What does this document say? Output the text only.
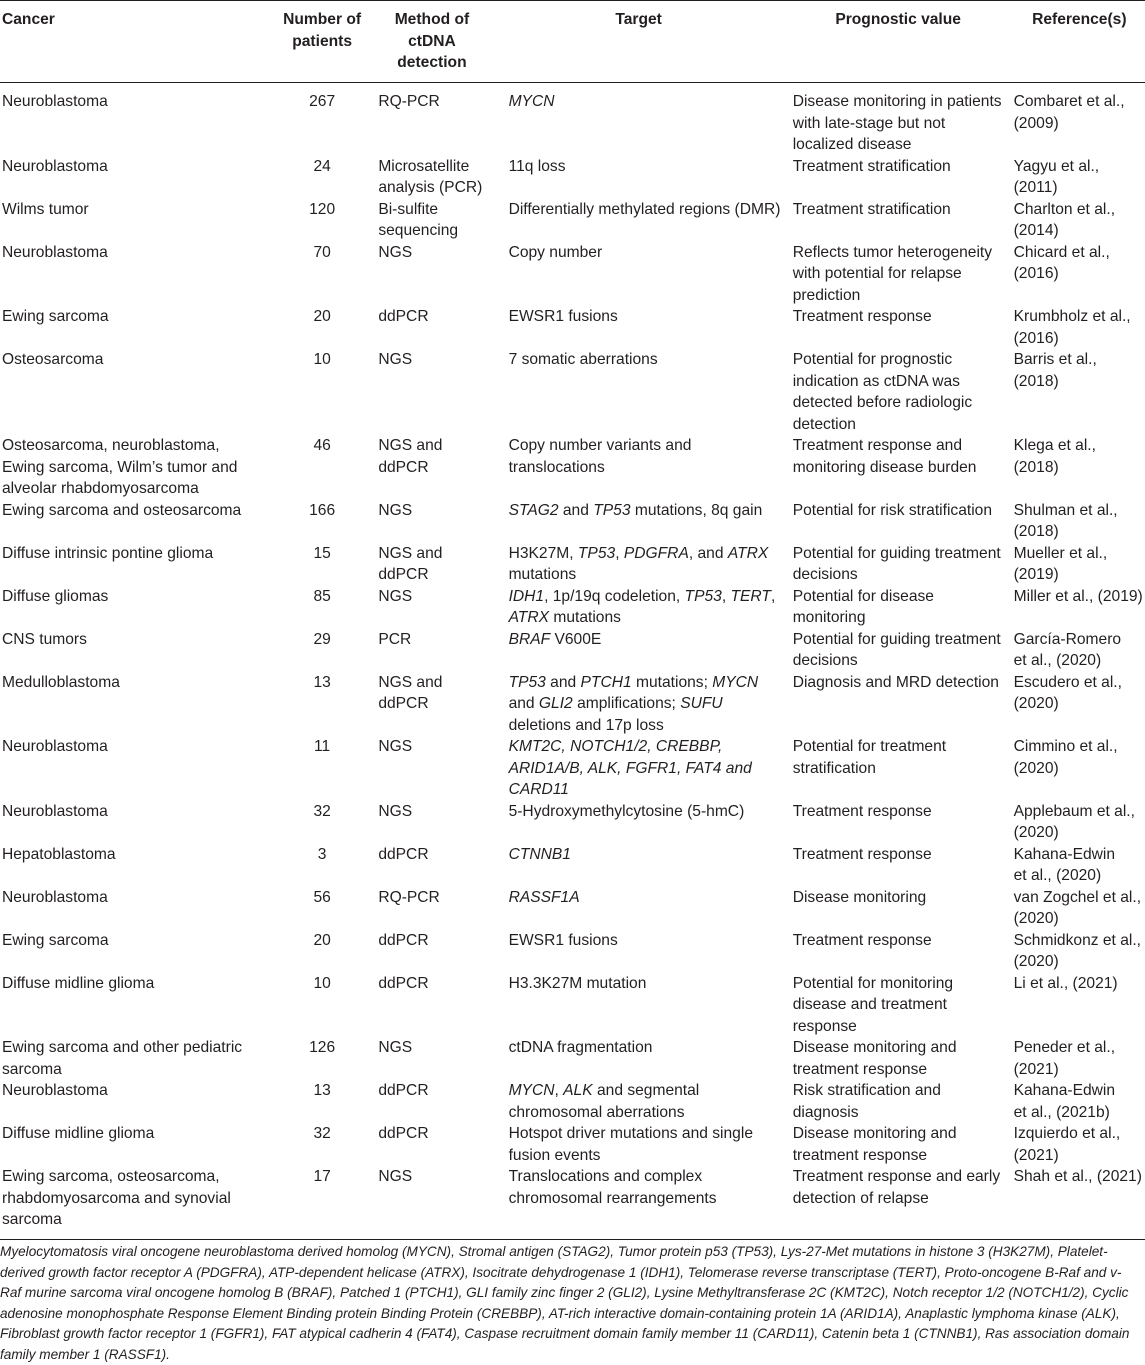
Cancer	Number of
patients	Method of
ctDNA
detection	Target	Prognostic value	Reference(s)
Neuroblastoma	267	RQ-PCR	MYCN	Disease monitoring in patients
with late-stage but not
localized disease	Combaret et al.,
(2009)
Neuroblastoma	24	Microsatellite
analysis (PCR)	11q loss	Treatment stratification	Yagyu et al., (2011)
Wilms tumor	120	Bi-sulfite
sequencing	Differentially methylated regions (DMR)	Treatment stratification	Charlton et al.,
(2014)
Neuroblastoma	70	NGS	Copy number	Reflects tumor heterogeneity
with potential for relapse
prediction	Chicard et al.,
(2016)
Ewing sarcoma	20	ddPCR	EWSR1 fusions	Treatment response	Krumbholz et al.,
(2016)
Osteosarcoma	10	NGS	7 somatic aberrations	Potential for prognostic
indication as ctDNA was
detected before radiologic
detection	Barris et al., (2018)
Osteosarcoma, neuroblastoma,
Ewing sarcoma, Wilm’s tumor and
alveolar rhabdomyosarcoma	46	NGS and ddPCR	Copy number variants and
translocations	Treatment response and
monitoring disease burden	Klega et al., (2018)
Ewing sarcoma and osteosarcoma	166	NGS	STAG2 and TP53 mutations, 8q gain	Potential for risk stratification	Shulman et al.,
(2018)
Diffuse intrinsic pontine glioma	15	NGS and ddPCR	H3K27M, TP53, PDGFRA, and ATRX
mutations	Potential for guiding treatment
decisions	Mueller et al.,
(2019)
Diffuse gliomas	85	NGS	IDH1, 1p/19q codeletion, TP53, TERT,
ATRX mutations	Potential for disease
monitoring	Miller et al., (2019)
CNS tumors	29	PCR	BRAF V600E	Potential for guiding treatment
decisions	García-Romero
et al., (2020)
Medulloblastoma	13	NGS and ddPCR	TP53 and PTCH1 mutations; MYCN
and GLI2 amplifications; SUFU
deletions and 17p loss	Diagnosis and MRD detection	Escudero et al.,
(2020)
Neuroblastoma	11	NGS	KMT2C, NOTCH1/2, CREBBP,
ARID1A/B, ALK, FGFR1, FAT4 and
CARD11	Potential for treatment
stratification	Cimmino et al.,
(2020)
Neuroblastoma	32	NGS	5-Hydroxymethylcytosine (5-hmC)	Treatment response	Applebaum et al.,
(2020)
Hepatoblastoma	3	ddPCR	CTNNB1	Treatment response	Kahana-Edwin
et al., (2020)
Neuroblastoma	56	RQ-PCR	RASSF1A	Disease monitoring	van Zogchel et al.,
(2020)
Ewing sarcoma	20	ddPCR	EWSR1 fusions	Treatment response	Schmidkonz et al.,
(2020)
Diffuse midline glioma	10	ddPCR	H3.3K27M mutation	Potential for monitoring
disease and treatment
response	Li et al., (2021)
Ewing sarcoma and other pediatric
sarcoma	126	NGS	ctDNA fragmentation	Disease monitoring and
treatment response	Peneder et al.,
(2021)
Neuroblastoma	13	ddPCR	MYCN, ALK and segmental
chromosomal aberrations	Risk stratification and
diagnosis	Kahana-Edwin
et al., (2021b)
Diffuse midline glioma	32	ddPCR	Hotspot driver mutations and single
fusion events	Disease monitoring and
treatment response	Izquierdo et al.,
(2021)
Ewing sarcoma, osteosarcoma,
rhabdomyosarcoma and synovial
sarcoma	17	NGS	Translocations and complex
chromosomal rearrangements	Treatment response and early
detection of relapse	Shah et al., (2021)
Myelocytomatosis viral oncogene neuroblastoma derived homolog (MYCN), Stromal antigen (STAG2), Tumor protein p53 (TP53), Lys-27-Met mutations in histone 3 (H3K27M), Platelet-derived growth factor receptor A (PDGFRA), ATP-dependent helicase (ATRX), Isocitrate dehydrogenase 1 (IDH1), Telomerase reverse transcriptase (TERT), Proto-oncogene B-Raf and v-Raf murine sarcoma viral oncogene homolog B (BRAF), Patched 1 (PTCH1), GLI family zinc finger 2 (GLI2), Lysine Methyltransferase 2C (KMT2C), Notch receptor 1/2 (NOTCH1/2), Cyclic adenosine monophosphate Response Element Binding protein Binding Protein (CREBBP), AT-rich interactive domain-containing protein 1A (ARID1A), Anaplastic lymphoma kinase (ALK), Fibroblast growth factor receptor 1 (FGFR1), FAT atypical cadherin 4 (FAT4), Caspase recruitment domain family member 11 (CARD11), Catenin beta 1 (CTNNB1), Ras association domain family member 1 (RASSF1).
